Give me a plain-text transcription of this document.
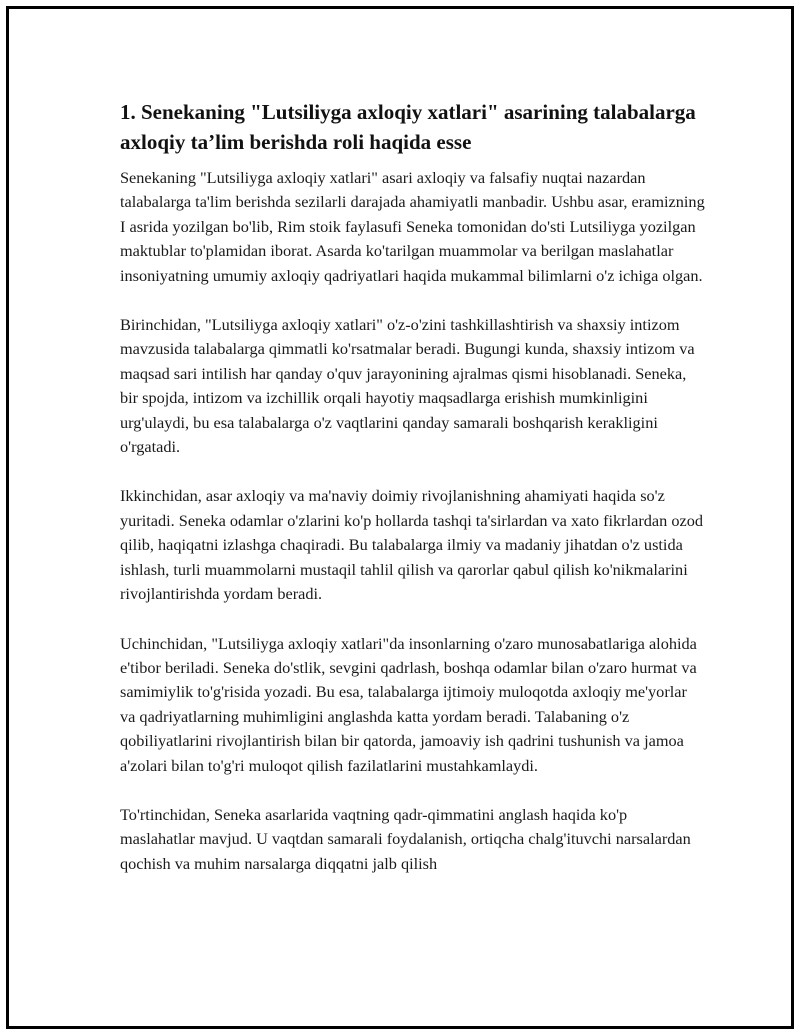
1. Senekaning "Lutsiliyga axloqiy xatlari" asarining talabalarga axloqiy ta’lim berishda roli haqida esse

Senekaning "Lutsiliyga axloqiy xatlari" asari axloqiy va falsafiy nuqtai nazardan talabalarga ta'lim berishda sezilarli darajada ahamiyatli manbadir. Ushbu asar, eramizning I asrida yozilgan bo'lib, Rim stoik faylasufi Seneka tomonidan do'sti Lutsiliyga yozilgan maktublar to'plamidan iborat. Asarda ko'tarilgan muammolar va berilgan maslahatlar insoniyatning umumiy axloqiy qadriyatlari haqida mukammal bilimlarni o'z ichiga olgan.

Birinchidan, "Lutsiliyga axloqiy xatlari" o'z-o'zini tashkillashtirish va shaxsiy intizom mavzusida talabalarga qimmatli ko'rsatmalar beradi. Bugungi kunda, shaxsiy intizom va maqsad sari intilish har qanday o'quv jarayonining ajralmas qismi hisoblanadi. Seneka, bir spojda, intizom va izchillik orqali hayotiy maqsadlarga erishish mumkinligini urg'ulaydi, bu esa talabalarga o'z vaqtlarini qanday samarali boshqarish kerakligini o'rgatadi.

Ikkinchidan, asar axloqiy va ma'naviy doimiy rivojlanishning ahamiyati haqida so'z yuritadi. Seneka odamlar o'zlarini ko'p hollarda tashqi ta'sirlardan va xato fikrlardan ozod qilib, haqiqatni izlashga chaqiradi. Bu talabalarga ilmiy va madaniy jihatdan o'z ustida ishlash, turli muammolarni mustaqil tahlil qilish va qarorlar qabul qilish ko'nikmalarini rivojlantirishda yordam beradi.

Uchinchidan, "Lutsiliyga axloqiy xatlari"da insonlarning o'zaro munosabatlariga alohida e'tibor beriladi. Seneka do'stlik, sevgini qadrlash, boshqa odamlar bilan o'zaro hurmat va samimiylik to'g'risida yozadi. Bu esa, talabalarga ijtimoiy muloqotda axloqiy me'yorlar va qadriyatlarning muhimligini anglashda katta yordam beradi. Talabaning o'z qobiliyatlarini rivojlantirish bilan bir qatorda, jamoaviy ish qadrini tushunish va jamoa a'zolari bilan to'g'ri muloqot qilish fazilatlarini mustahkamlaydi.

To'rtinchidan, Seneka asarlarida vaqtning qadr-qimmatini anglash haqida ko'p maslahatlar mavjud. U vaqtdan samarali foydalanish, ortiqcha chalg'ituvchi narsalardan qochish va muhim narsalarga diqqatni jalb qilish
